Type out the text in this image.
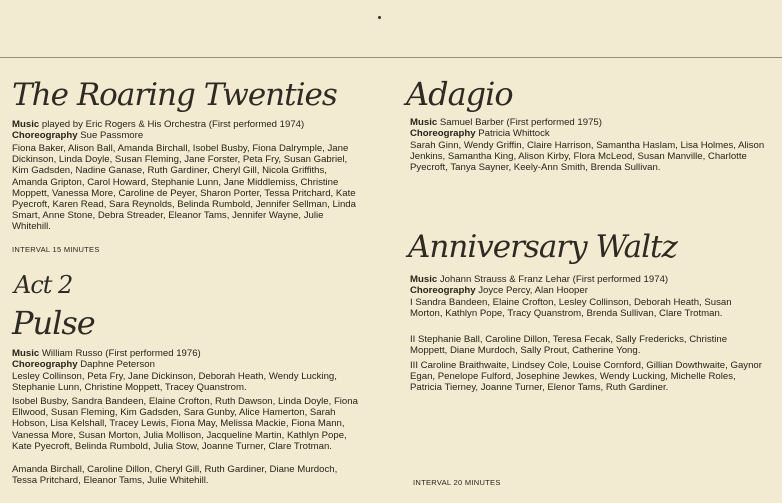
The Roaring Twenties
Music played by Eric Rogers & His Orchestra (First performed 1974)
Choreography Sue Passmore

Fiona Baker, Alison Ball, Amanda Birchall, Isobel Busby, Fiona Dalrymple, Jane Dickinson, Linda Doyle, Susan Fleming, Jane Forster, Peta Fry, Susan Gabriel, Kim Gadsden, Nadine Ganase, Ruth Gardiner, Cheryl Gill, Nicola Griffiths, Amanda Gripton, Carol Howard, Stephanie Lunn, Jane Middlemiss, Christine Moppett, Vanessa More, Caroline de Peyer, Sharon Porter, Tessa Pritchard, Kate Pyecroft, Karen Read, Sara Reynolds, Belinda Rumbold, Jennifer Sellman, Linda Smart, Anne Stone, Debra Streader, Eleanor Tams, Jennifer Wayne, Julie Whitehill.

INTERVAL 15 MINUTES
Act 2
Pulse
Music William Russo (First performed 1976)
Choreography Daphne Peterson

Lesley Collinson, Peta Fry, Jane Dickinson, Deborah Heath, Wendy Lucking, Stephanie Lunn, Christine Moppett, Tracey Quanstrom.

Isobel Busby, Sandra Bandeen, Elaine Crofton, Ruth Dawson, Linda Doyle, Fiona Ellwood, Susan Fleming, Kim Gadsden, Sara Gunby, Alice Hamerton, Sarah Hobson, Lisa Kelshall, Tracey Lewis, Fiona May, Melissa Mackie, Fiona Mann, Vanessa More, Susan Morton, Julia Mollison, Jacqueline Martin, Kathlyn Pope, Kate Pyecroft, Belinda Rumbold, Julia Stow, Joanne Turner, Clare Trotman.

Amanda Birchall, Caroline Dillon, Cheryl Gill, Ruth Gardiner, Diane Murdoch, Tessa Pritchard, Eleanor Tams, Julie Whitehill.

Adagio
Music Samuel Barber (First performed 1975)
Choreography Patricia Whittock

Sarah Ginn, Wendy Griffin, Claire Harrison, Samantha Haslam, Lisa Holmes, Alison Jenkins, Samantha King, Alison Kirby, Flora McLeod, Susan Manville, Charlotte Pyecroft, Tanya Sayner, Keely-Ann Smith, Brenda Sullivan.

Anniversary Waltz
Music Johann Strauss & Franz Lehar (First performed 1974)
Choreography Joyce Percy, Alan Hooper

I Sandra Bandeen, Elaine Crofton, Lesley Collinson, Deborah Heath, Susan Morton, Kathlyn Pope, Tracy Quanstrom, Brenda Sullivan, Clare Trotman.

II Stephanie Ball, Caroline Dillon, Teresa Fecak, Sally Fredericks, Christine Moppett, Diane Murdoch, Sally Prout, Catherine Yong.

III Caroline Braithwaite, Lindsey Cole, Louise Cornford, Gillian Dowthwaite, Gaynor Egan, Penelope Fulford, Josephine Jewkes, Wendy Lucking, Michelle Roles, Patricia Tierney, Joanne Turner, Elenor Tams, Ruth Gardiner.

INTERVAL 20 MINUTES
